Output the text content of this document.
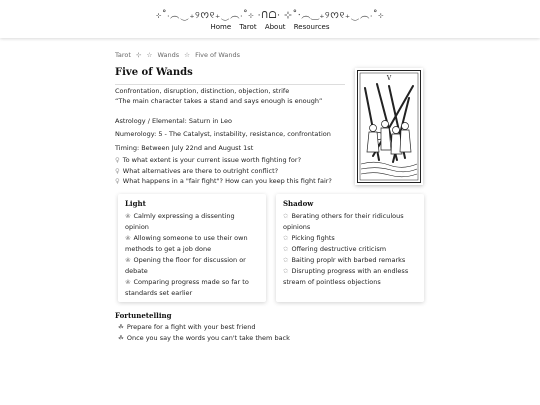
⊹˚‧︵‿₊୨ᰔ୧₊‿︵‧˚⊹ ·ᑎᗝ· ⊹˚‧︵‿₊୨ᰔ୧₊‿︵‧˚⊹
Home Tarot About Resources
Tarot ⊹ ☆ Wands ☆ Five of Wands
Five of Wands
Confrontation, disruption, distinction, objection, strife
“The main character takes a stand and says enough is enough”
Astrology / Elemental: Saturn in Leo
Numerology: 5 - The Catalyst, instability, resistance, confrontation
Timing: Between July 22nd and August 1st
♀ To what extent is your current issue worth fighting for?
♀ What alternatives are there to outright conflict?
♀ What happens in a "fair fight"? How can you keep this fight fair?
V
Light
❀ Calmly expressing a dissenting opinion
❀ Allowing someone to use their own methods to get a job done
❀ Opening the floor for discussion or debate
❀ Comparing progress made so far to standards set earlier
Shadow
✩ Berating others for their ridiculous opinions
✩ Picking fights
✩ Offering destructive criticism
✩ Baiting proplr with barbed remarks
✩ Disrupting progress with an endless stream of pointless objections
Fortunetelling
☘ Prepare for a fight with your best friend
☘ Once you say the words you can't take them back
